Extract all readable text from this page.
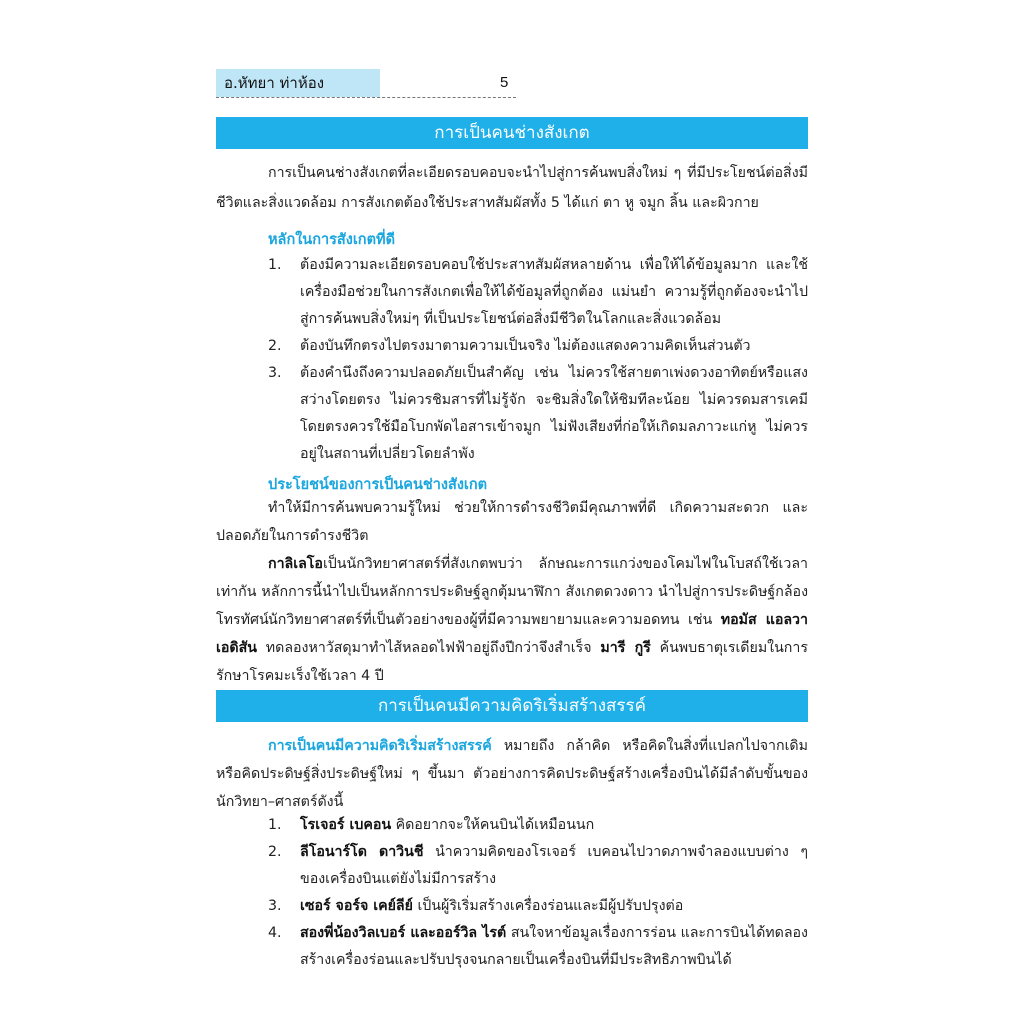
อ.หัทยา ท่าห้อง	5
การเป็นคนช่างสังเกต

การเป็นคนช่างสังเกตที่ละเอียดรอบคอบจะนำไปสู่การค้นพบสิ่งใหม่ ๆ ที่มีประโยชน์ต่อสิ่งมีชีวิตและสิ่งแวดล้อม การสังเกตต้องใช้ประสาทสัมผัสทั้ง 5 ได้แก่ ตา หู จมูก ลิ้น และผิวกาย

หลักในการสังเกตที่ดี
1. ต้องมีความละเอียดรอบคอบใช้ประสาทสัมผัสหลายด้าน เพื่อให้ได้ข้อมูลมาก และใช้เครื่องมือช่วยในการสังเกตเพื่อให้ได้ข้อมูลที่ถูกต้อง แม่นยำ ความรู้ที่ถูกต้องจะนำไปสู่การค้นพบสิ่งใหม่ๆ ที่เป็นประโยชน์ต่อสิ่งมีชีวิตในโลกและสิ่งแวดล้อม
2. ต้องบันทึกตรงไปตรงมาตามความเป็นจริง ไม่ต้องแสดงความคิดเห็นส่วนตัว
3. ต้องคำนึงถึงความปลอดภัยเป็นสำคัญ เช่น ไม่ควรใช้สายตาเพ่งดวงอาทิตย์หรือแสงสว่างโดยตรง ไม่ควรชิมสารที่ไม่รู้จัก จะชิมสิ่งใดให้ชิมทีละน้อย ไม่ควรดมสารเคมีโดยตรงควรใช้มือโบกพัดไอสารเข้าจมูก ไม่ฟังเสียงที่ก่อให้เกิดมลภาวะแก่หู ไม่ควรอยู่ในสถานที่เปลี่ยวโดยลำพัง
ประโยชน์ของการเป็นคนช่างสังเกต

ทำให้มีการค้นพบความรู้ใหม่ ช่วยให้การดำรงชีวิตมีคุณภาพที่ดี เกิดความสะดวก และปลอดภัยในการดำรงชีวิต

กาลิเลโอเป็นนักวิทยาศาสตร์ที่สังเกตพบว่า ลักษณะการแกว่งของโคมไฟในโบสถ์ใช้เวลาเท่ากัน หลักการนี้นำไปเป็นหลักการประดิษฐ์ลูกตุ้มนาฬิกา สังเกตดวงดาว นำไปสู่การประดิษฐ์กล้องโทรทัศน์ นักวิทยาศาสตร์ที่เป็นตัวอย่างของผู้ที่มีความพยายามและความอดทน เช่น ทอมัส แอลวา เอดิสัน ทดลองหาวัสดุมาทำไส้หลอดไฟฟ้าอยู่ถึงปีกว่าจึงสำเร็จ มารี กูรี ค้นพบธาตุเรเดียมในการรักษาโรคมะเร็งใช้เวลา 4 ปี

การเป็นคนมีความคิดริเริ่มสร้างสรรค์

การเป็นคนมีความคิดริเริ่มสร้างสรรค์ หมายถึง กล้าคิด หรือคิดในสิ่งที่แปลกไปจากเดิม หรือคิดประดิษฐ์สิ่งประดิษฐ์ใหม่ ๆ ขึ้นมา ตัวอย่างการคิดประดิษฐ์สร้างเครื่องบินได้มีลำดับขั้นของนักวิทยา–ศาสตร์ดังนี้

1. โรเจอร์ เบคอน คิดอยากจะให้คนบินได้เหมือนนก
2. ลีโอนาร์โด ดาวินชี นำความคิดของโรเจอร์ เบคอนไปวาดภาพจำลองแบบต่าง ๆ ของเครื่องบินแต่ยังไม่มีการสร้าง
3. เซอร์ จอร์จ เคย์ลีย์ เป็นผู้ริเริ่มสร้างเครื่องร่อนและมีผู้ปรับปรุงต่อ
4. สองพี่น้องวิลเบอร์ และออร์วิล ไรต์ สนใจหาข้อมูลเรื่องการร่อน และการบินได้ทดลองสร้างเครื่องร่อนและปรับปรุงจนกลายเป็นเครื่องบินที่มีประสิทธิภาพบินได้
